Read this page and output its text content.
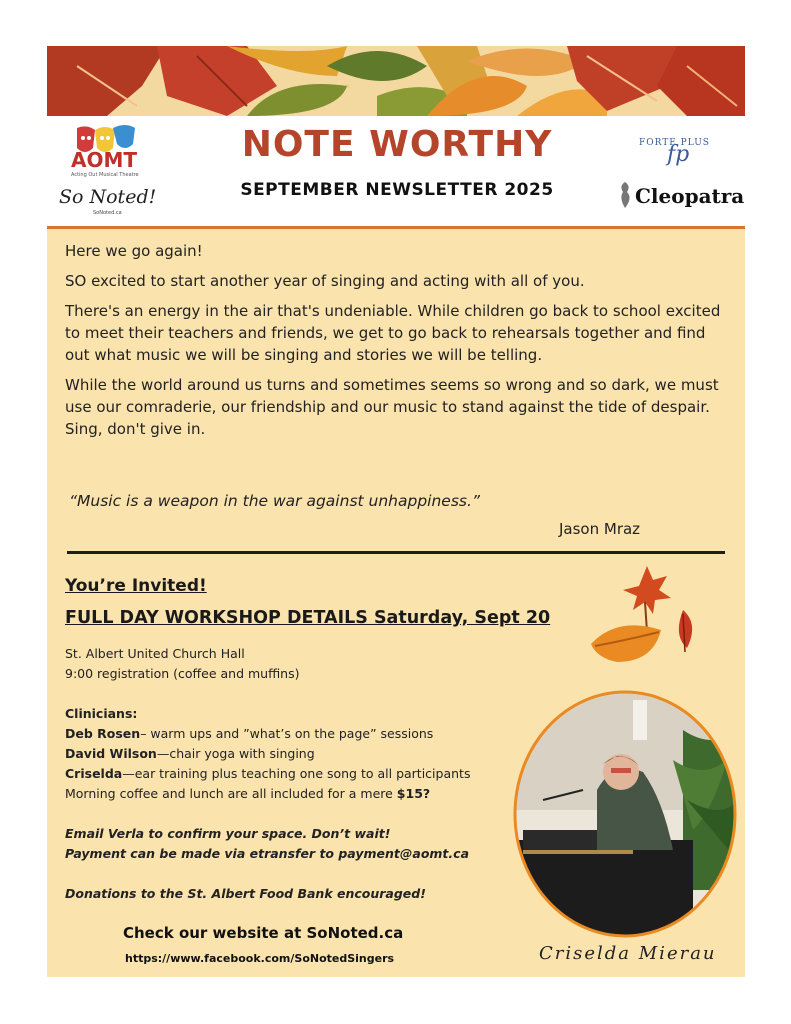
AOMT
Acting Out Musical Theatre
So Noted!
SoNoted.ca
NOTE WORTHY
SEPTEMBER NEWSLETTER 2025
FORTE PLUS
fp
Cleopatra

Here we go again!

SO excited to start another year of singing and acting with all of you.

There's an energy in the air that's undeniable. While children go back to school excited to meet their teachers and friends, we get to go back to rehearsals together and find out what music we will be singing and stories we will be telling.

While the world around us turns and sometimes seems so wrong and so dark, we must use our comraderie, our friendship and our music to stand against the tide of despair. Sing, don't give in.

“Music is a weapon in the war against unhappiness.”
Jason Mraz
You’re Invited!
FULL DAY WORKSHOP DETAILS Saturday, Sept 20
St. Albert United Church Hall
9:00 registration (coffee and muffins)
Clinicians:
Deb Rosen– warm ups and ”what’s on the page” sessions
David Wilson—chair yoga with singing
Criselda—ear training plus teaching one song to all participants
Morning coffee and lunch are all included for a mere $15?
Email Verla to confirm your space. Don’t wait!
Payment can be made via etransfer to payment@aomt.ca
Donations to the St. Albert Food Bank encouraged!
Criselda Mierau
Check our website at SoNoted.ca
https://www.facebook.com/SoNotedSingers
